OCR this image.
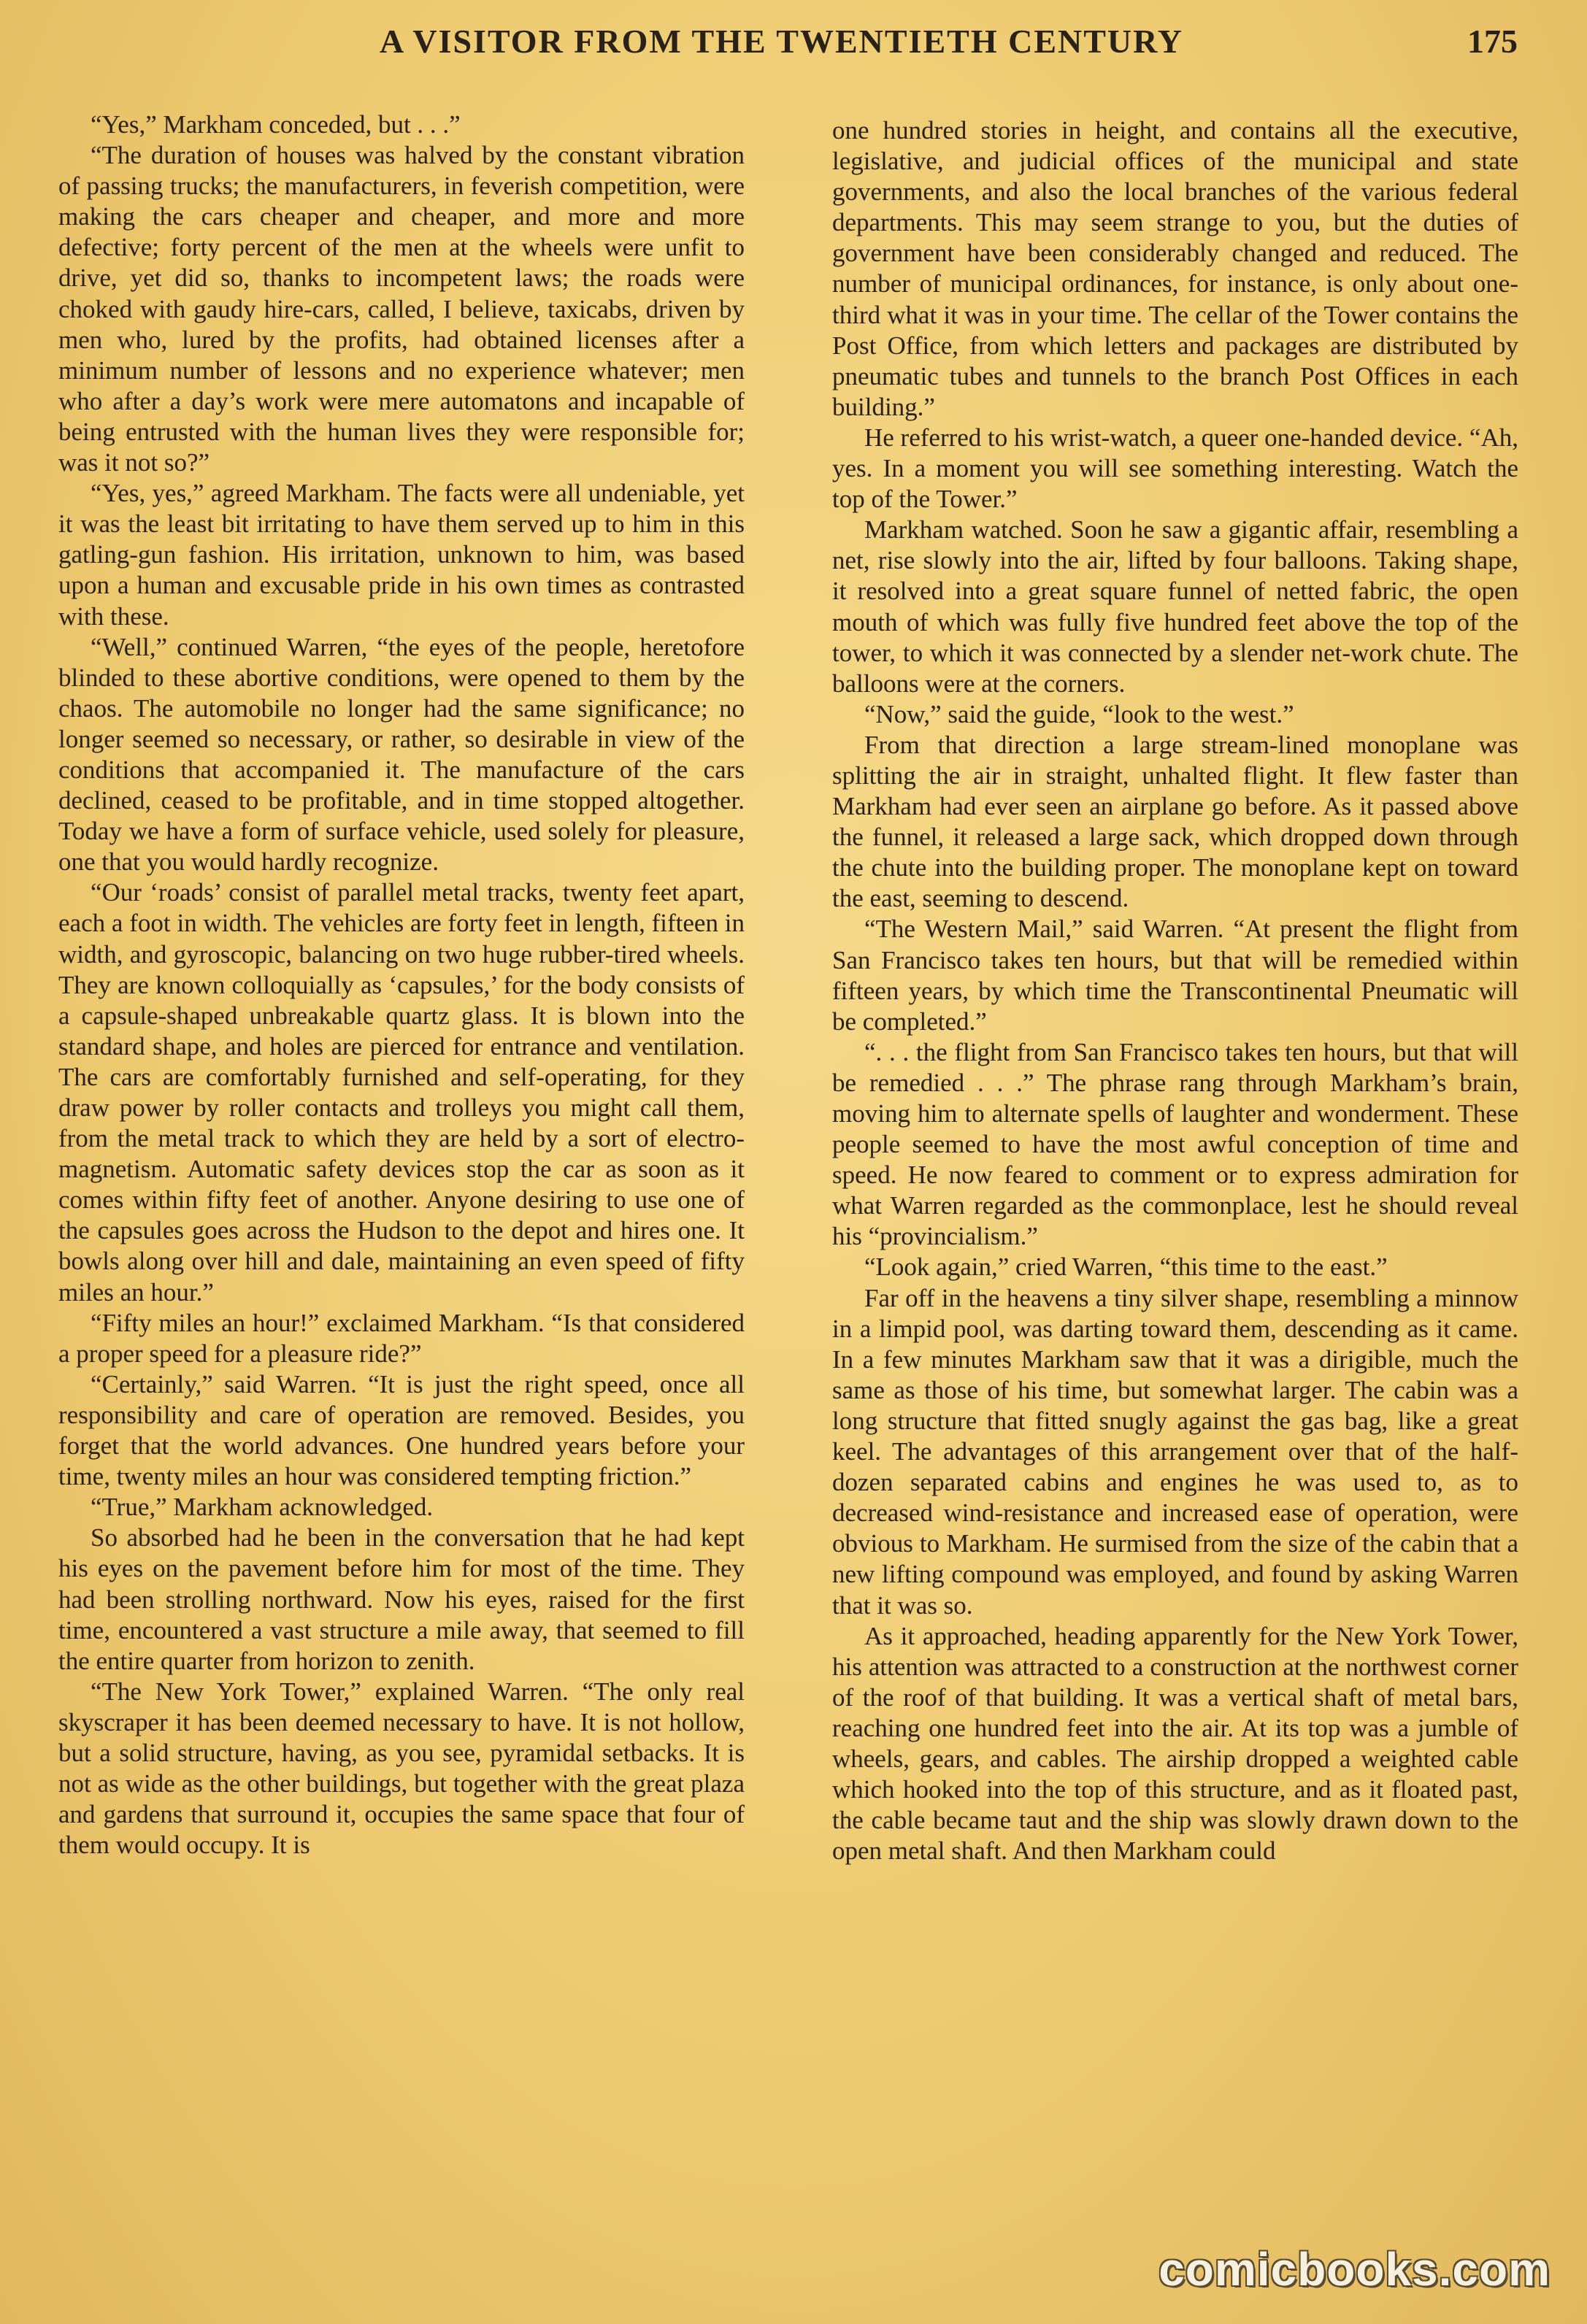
A VISITOR FROM THE TWENTIETH CENTURY	175

“Yes,” Markham conceded, but . . .”

“The duration of houses was halved by the constant vibration of passing trucks; the manufacturers, in feverish competition, were making the cars cheaper and cheaper, and more and more defective; forty percent of the men at the wheels were unfit to drive, yet did so, thanks to incompetent laws; the roads were choked with gaudy hire-cars, called, I believe, taxicabs, driven by men who, lured by the profits, had obtained licenses after a minimum number of lessons and no experience whatever; men who after a day’s work were mere automatons and incapable of being entrusted with the human lives they were responsible for; was it not so?”

“Yes, yes,” agreed Markham. The facts were all undeniable, yet it was the least bit irritating to have them served up to him in this gatling-gun fashion. His irritation, unknown to him, was based upon a human and excusable pride in his own times as contrasted with these.

“Well,” continued Warren, “the eyes of the people, heretofore blinded to these abortive conditions, were opened to them by the chaos. The automobile no longer had the same significance; no longer seemed so necessary, or rather, so desirable in view of the conditions that accompanied it. The manufacture of the cars declined, ceased to be profitable, and in time stopped altogether. Today we have a form of surface vehicle, used solely for pleasure, one that you would hardly recognize.

“Our ‘roads’ consist of parallel metal tracks, twenty feet apart, each a foot in width. The vehicles are forty feet in length, fifteen in width, and gyroscopic, balancing on two huge rubber-tired wheels. They are known colloquially as ‘capsules,’ for the body consists of a capsule-shaped unbreakable quartz glass. It is blown into the standard shape, and holes are pierced for entrance and ventilation. The cars are comfortably furnished and self-operating, for they draw power by roller contacts and trolleys you might call them, from the metal track to which they are held by a sort of electro-magnetism. Automatic safety devices stop the car as soon as it comes within fifty feet of another. Anyone desiring to use one of the capsules goes across the Hudson to the depot and hires one. It bowls along over hill and dale, maintaining an even speed of fifty miles an hour.”

“Fifty miles an hour!” exclaimed Markham. “Is that considered a proper speed for a pleasure ride?”

“Certainly,” said Warren. “It is just the right speed, once all responsibility and care of operation are removed. Besides, you forget that the world advances. One hundred years before your time, twenty miles an hour was considered tempting friction.”

“True,” Markham acknowledged.

So absorbed had he been in the conversation that he had kept his eyes on the pavement before him for most of the time. They had been strolling northward. Now his eyes, raised for the first time, encountered a vast structure a mile away, that seemed to fill the entire quarter from horizon to zenith.

“The New York Tower,” explained Warren. “The only real skyscraper it has been deemed necessary to have. It is not hollow, but a solid structure, having, as you see, pyramidal setbacks. It is not as wide as the other buildings, but together with the great plaza and gardens that surround it, occupies the same space that four of them would occupy. It is

one hundred stories in height, and contains all the executive, legislative, and judicial offices of the municipal and state governments, and also the local branches of the various federal departments. This may seem strange to you, but the duties of government have been considerably changed and reduced. The number of municipal ordinances, for instance, is only about one-third what it was in your time. The cellar of the Tower contains the Post Office, from which letters and packages are distributed by pneumatic tubes and tunnels to the branch Post Offices in each building.”

He referred to his wrist-watch, a queer one-handed device. “Ah, yes. In a moment you will see something interesting. Watch the top of the Tower.”

Markham watched. Soon he saw a gigantic affair, resembling a net, rise slowly into the air, lifted by four balloons. Taking shape, it resolved into a great square funnel of netted fabric, the open mouth of which was fully five hundred feet above the top of the tower, to which it was connected by a slender net-work chute. The balloons were at the corners.

“Now,” said the guide, “look to the west.”

From that direction a large stream-lined monoplane was splitting the air in straight, unhalted flight. It flew faster than Markham had ever seen an airplane go before. As it passed above the funnel, it released a large sack, which dropped down through the chute into the building proper. The monoplane kept on toward the east, seeming to descend.

“The Western Mail,” said Warren. “At present the flight from San Francisco takes ten hours, but that will be remedied within fifteen years, by which time the Transcontinental Pneumatic will be completed.”

“. . . the flight from San Francisco takes ten hours, but that will be remedied . . .” The phrase rang through Markham’s brain, moving him to alternate spells of laughter and wonderment. These people seemed to have the most awful conception of time and speed. He now feared to comment or to express admiration for what Warren regarded as the commonplace, lest he should reveal his “provincialism.”

“Look again,” cried Warren, “this time to the east.”

Far off in the heavens a tiny silver shape, resembling a minnow in a limpid pool, was darting toward them, descending as it came. In a few minutes Markham saw that it was a dirigible, much the same as those of his time, but somewhat larger. The cabin was a long structure that fitted snugly against the gas bag, like a great keel. The advantages of this arrangement over that of the half-dozen separated cabins and engines he was used to, as to decreased wind-resistance and increased ease of operation, were obvious to Markham. He surmised from the size of the cabin that a new lifting compound was employed, and found by asking Warren that it was so.

As it approached, heading apparently for the New York Tower, his attention was attracted to a construction at the northwest corner of the roof of that building. It was a vertical shaft of metal bars, reaching one hundred feet into the air. At its top was a jumble of wheels, gears, and cables. The airship dropped a weighted cable which hooked into the top of this structure, and as it floated past, the cable became taut and the ship was slowly drawn down to the open metal shaft. And then Markham could

comicbooks.com
